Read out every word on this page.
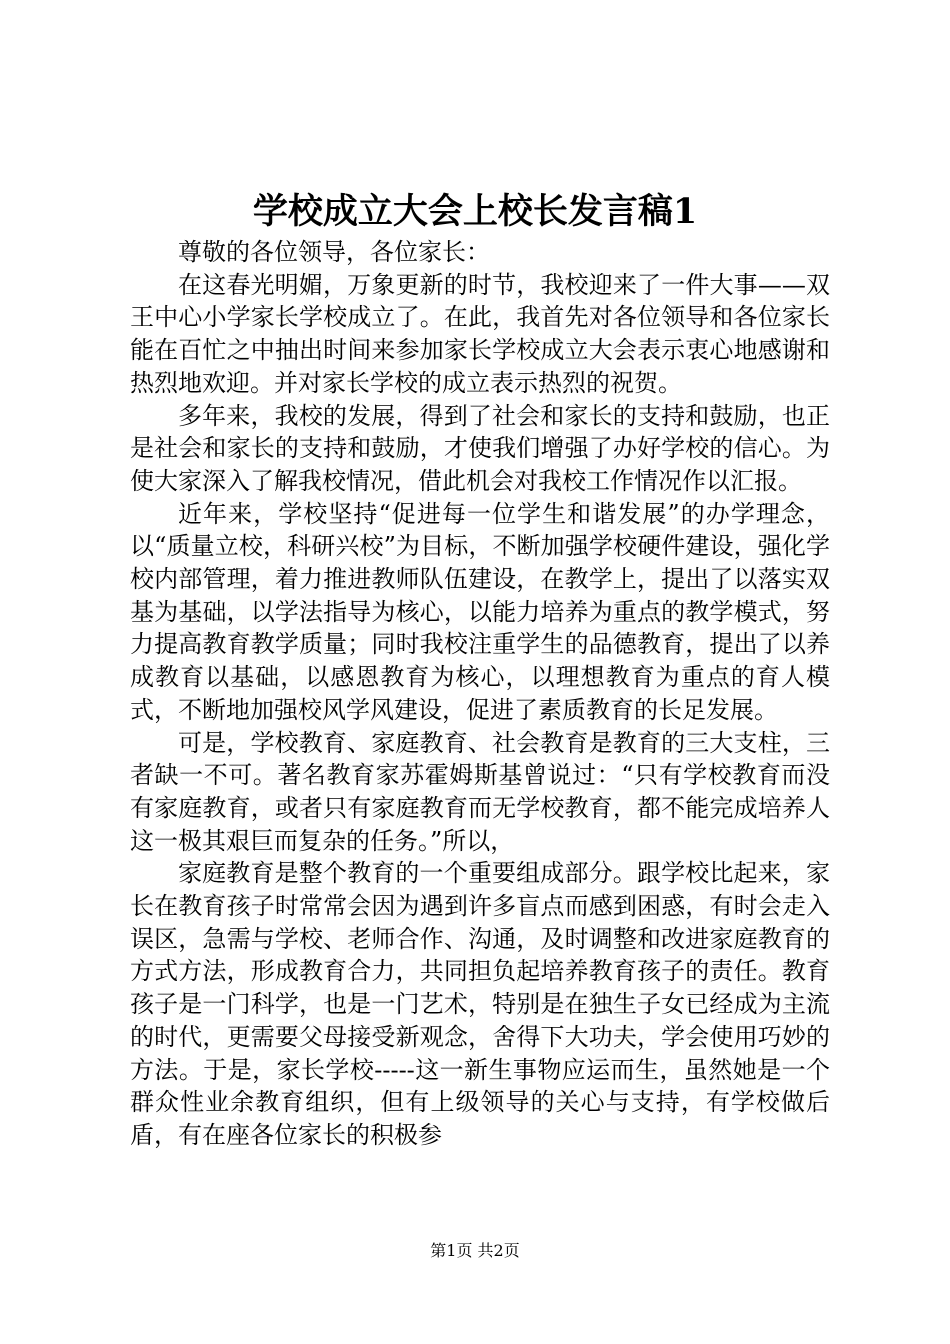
学校成立大会上校长发言稿1

尊敬的各位领导，各位家长：

在这春光明媚，万象更新的时节，我校迎来了一件大事——双王中心小学家长学校成立了。在此，我首先对各位领导和各位家长能在百忙之中抽出时间来参加家长学校成立大会表示衷心地感谢和热烈地欢迎。并对家长学校的成立表示热烈的祝贺。

多年来，我校的发展，得到了社会和家长的支持和鼓励，也正是社会和家长的支持和鼓励，才使我们增强了办好学校的信心。为使大家深入了解我校情况，借此机会对我校工作情况作以汇报。

近年来，学校坚持“促进每一位学生和谐发展”的办学理念，以“质量立校，科研兴校”为目标，不断加强学校硬件建设，强化学校内部管理，着力推进教师队伍建设，在教学上，提出了以落实双基为基础，以学法指导为核心，以能力培养为重点的教学模式，努力提高教育教学质量；同时我校注重学生的品德教育，提出了以养成教育以基础，以感恩教育为核心，以理想教育为重点的育人模式，不断地加强校风学风建设，促进了素质教育的长足发展。

可是，学校教育、家庭教育、社会教育是教育的三大支柱，三者缺一不可。著名教育家苏霍姆斯基曾说过：“只有学校教育而没有家庭教育，或者只有家庭教育而无学校教育，都不能完成培养人这一极其艰巨而复杂的任务。”所以，

家庭教育是整个教育的一个重要组成部分。跟学校比起来，家长在教育孩子时常常会因为遇到许多盲点而感到困惑，有时会走入误区，急需与学校、老师合作、沟通，及时调整和改进家庭教育的方式方法，形成教育合力，共同担负起培养教育孩子的责任。教育孩子是一门科学，也是一门艺术，特别是在独生子女已经成为主流的时代，更需要父母接受新观念，舍得下大功夫，学会使用巧妙的方法。于是，家长学校-----这一新生事物应运而生，虽然她是一个群众性业余教育组织，但有上级领导的关心与支持，有学校做后盾，有在座各位家长的积极参

第1页 共2页
